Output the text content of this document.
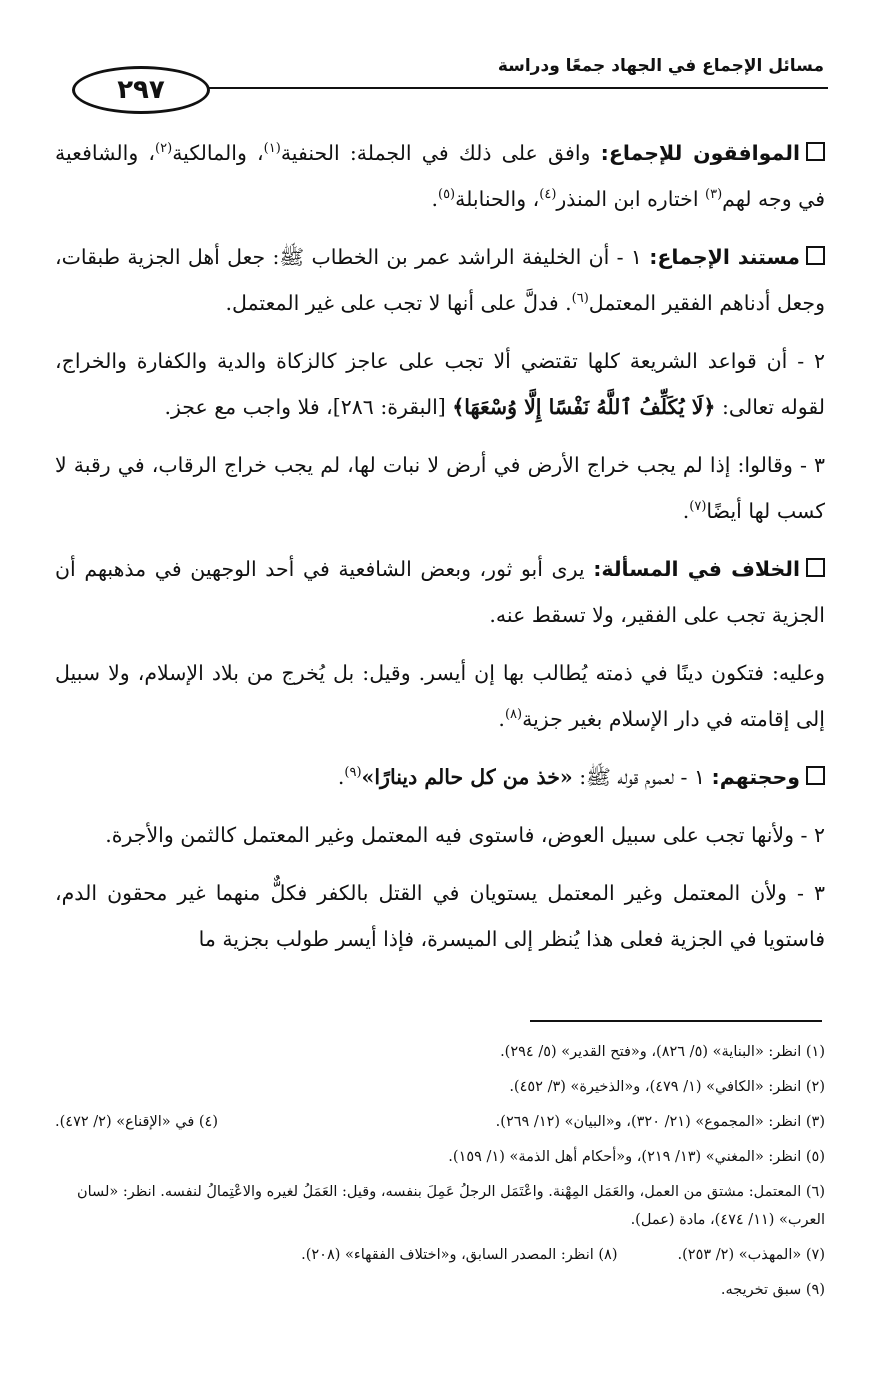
٢٩٧
مسائل الإجماع في الجهاد جمعًا ودراسة

الموافقون للإجماع: وافق على ذلك في الجملة: الحنفية$^{(١)}$، والمالكية$^{(٢)}$، والشافعية في وجه لهم$^{(٣)}$ اختاره ابن المنذر$^{(٤)}$، والحنابلة$^{(٥)}$.

مستند الإجماع: ١ - أن الخليفة الراشد عمر بن الخطاب ﷺ: جعل أهل الجزية طبقات، وجعل أدناهم الفقير المعتمل$^{(٦)}$. فدلَّ على أنها لا تجب على غير المعتمل.

٢ - أن قواعد الشريعة كلها تقتضي ألا تجب على عاجز كالزكاة والدية والكفارة والخراج، لقوله تعالى: ﴿لَا يُكَلِّفُ ٱللَّهُ نَفْسًا إِلَّا وُسْعَهَا﴾ [البقرة: ٢٨٦]، فلا واجب مع عجز.

٣ - وقالوا: إذا لم يجب خراج الأرض في أرض لا نبات لها، لم يجب خراج الرقاب، في رقبة لا كسب لها أيضًا$^{(٧)}$.

الخلاف في المسألة: يرى أبو ثور، وبعض الشافعية في أحد الوجهين في مذهبهم أن الجزية تجب على الفقير، ولا تسقط عنه.

وعليه: فتكون دينًا في ذمته يُطالب بها إن أيسر. وقيل: بل يُخرج من بلاد الإسلام، ولا سبيل إلى إقامته في دار الإسلام بغير جزية$^{(٨)}$.

وحجتهم: ١ - لعموم قوله ﷺ: «خذ من كل حالم دينارًا»$^{(٩)}$.

٢ - ولأنها تجب على سبيل العوض، فاستوى فيه المعتمل وغير المعتمل كالثمن والأجرة.

٣ - ولأن المعتمل وغير المعتمل يستويان في القتل بالكفر فكلٌّ منهما غير محقون الدم، فاستويا في الجزية فعلى هذا يُنظر إلى الميسرة، فإذا أيسر طولب بجزية ما

(١) انظر: «البناية» (٥/ ٨٢٦)، و«فتح القدير» (٥/ ٢٩٤).
(٢) انظر: «الكافي» (١/ ٤٧٩)، و«الذخيرة» (٣/ ٤٥٢).
(٣) انظر: «المجموع» (٢١/ ٣٢٠)، و«البيان» (١٢/ ٢٦٩).
(٤) في «الإقناع» (٢/ ٤٧٢).
(٥) انظر: «المغني» (١٣/ ٢١٩)، و«أحكام أهل الذمة» (١/ ١٥٩).
(٦) المعتمل: مشتق من العمل، والعَمَل المِهْنة. واعْتَمَل الرجلُ عَمِلَ بنفسه، وقيل: العَمَلُ لغيره والاعْتِمالُ لنفسه. انظر: «لسان العرب» (١١/ ٤٧٤)، مادة (عمل).
(٧) «المهذب» (٢/ ٢٥٣).
(٨) انظر: المصدر السابق، و«اختلاف الفقهاء» (٢٠٨).
(٩) سبق تخريجه.
